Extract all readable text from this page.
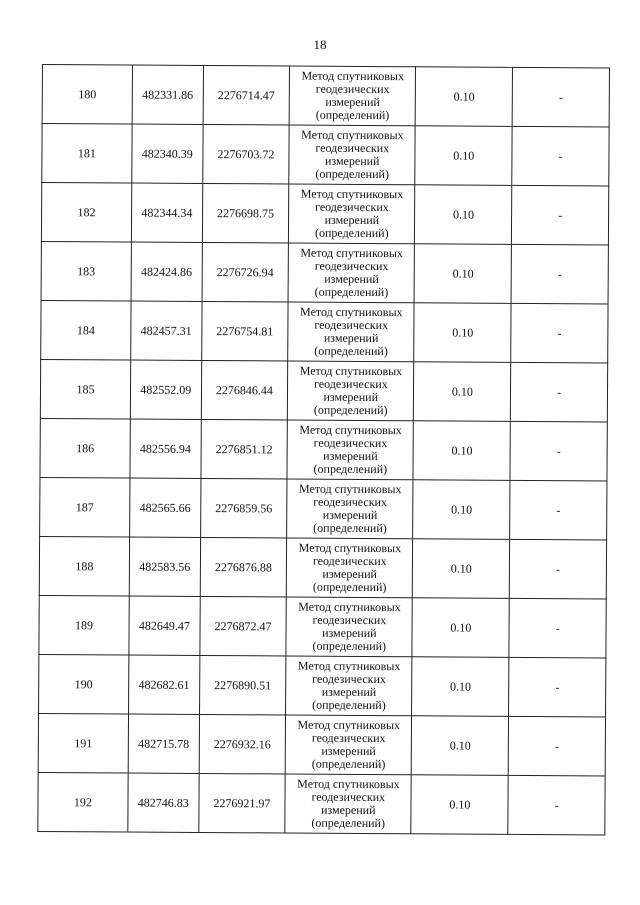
18
180	482331.86	2276714.47	Метод спутниковых
геодезических
измерений
(определений)	0.10	-
181	482340.39	2276703.72	Метод спутниковых
геодезических
измерений
(определений)	0.10	-
182	482344.34	2276698.75	Метод спутниковых
геодезических
измерений
(определений)	0.10	-
183	482424.86	2276726.94	Метод спутниковых
геодезических
измерений
(определений)	0.10	-
184	482457.31	2276754.81	Метод спутниковых
геодезических
измерений
(определений)	0.10	-
185	482552.09	2276846.44	Метод спутниковых
геодезических
измерений
(определений)	0.10	-
186	482556.94	2276851.12	Метод спутниковых
геодезических
измерений
(определений)	0.10	-
187	482565.66	2276859.56	Метод спутниковых
геодезических
измерений
(определений)	0.10	-
188	482583.56	2276876.88	Метод спутниковых
геодезических
измерений
(определений)	0.10	-
189	482649.47	2276872.47	Метод спутниковых
геодезических
измерений
(определений)	0.10	-
190	482682.61	2276890.51	Метод спутниковых
геодезических
измерений
(определений)	0.10	-
191	482715.78	2276932.16	Метод спутниковых
геодезических
измерений
(определений)	0.10	-
192	482746.83	2276921.97	Метод спутниковых
геодезических
измерений
(определений)	0.10	-
